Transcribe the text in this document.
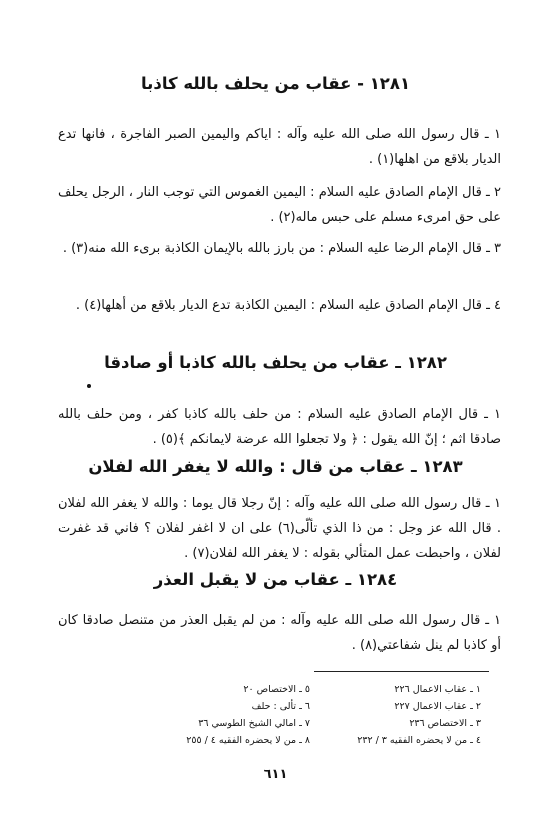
١٢٨١ - عقاب من يحلف بالله كاذبا

١ ـ قال رسول الله صلى الله عليه وآله : اياكم واليمين الصبر الفاجرة ، فانها تدع الديار بلاقع من اهلها(١) .

٢ ـ قال الإمام الصادق عليه السلام : اليمين الغموس التي توجب النار ، الرجل يحلف على حق امرىء مسلم على حبس ماله(٢) .

٣ ـ قال الإمام الرضا عليه السلام : من بارز بالله بالإيمان الكاذبة برىء الله منه(٣) .

٤ ـ قال الإمام الصادق عليه السلام : اليمين الكاذبة تدع الديار بلاقع من أهلها(٤) .

١٢٨٢ ـ عقاب من يحلف بالله كاذبا أو صادقا

١ ـ قال الإمام الصادق عليه السلام : من حلف بالله كاذبا كفر ، ومن حلف بالله صادقا اثم ؛ إنّ الله يقول : ﴿ ولا تجعلوا الله عرضة لايمانكم ﴾(٥) .

١٢٨٣ ـ عقاب من قال : والله لا يغفر الله لفلان

١ ـ قال رسول الله صلى الله عليه وآله : إنّ رجلا قال يوما : والله لا يغفر الله لفلان . قال الله عز وجل : من ذا الذي تألّى(٦) على ان لا اغفر لفلان ؟ فاني قد غفرت لفلان ، واحبطت عمل المتألي بقوله : لا يغفر الله لفلان(٧) .

١٢٨٤ ـ عقاب من لا يقبل العذر

١ ـ قال رسول الله صلى الله عليه وآله : من لم يقبل العذر من متنصل صادقا كان أو كاذبا لم ينل شفاعتي(٨) .

١ ـ عقاب الاعمال ٢٢٦
٢ ـ عقاب الاعمال ٢٢٧
٣ ـ الاختصاص ٢٣٦
٤ ـ من لا يحضره الفقيه ٣ / ٢٣٢
٥ ـ الاختصاص ٢٠
٦ ـ تألى : حلف
٧ ـ امالي الشيخ الطوسي ٣٦
٨ ـ من لا يحضره الفقيه ٤ / ٢٥٥
٦١١
